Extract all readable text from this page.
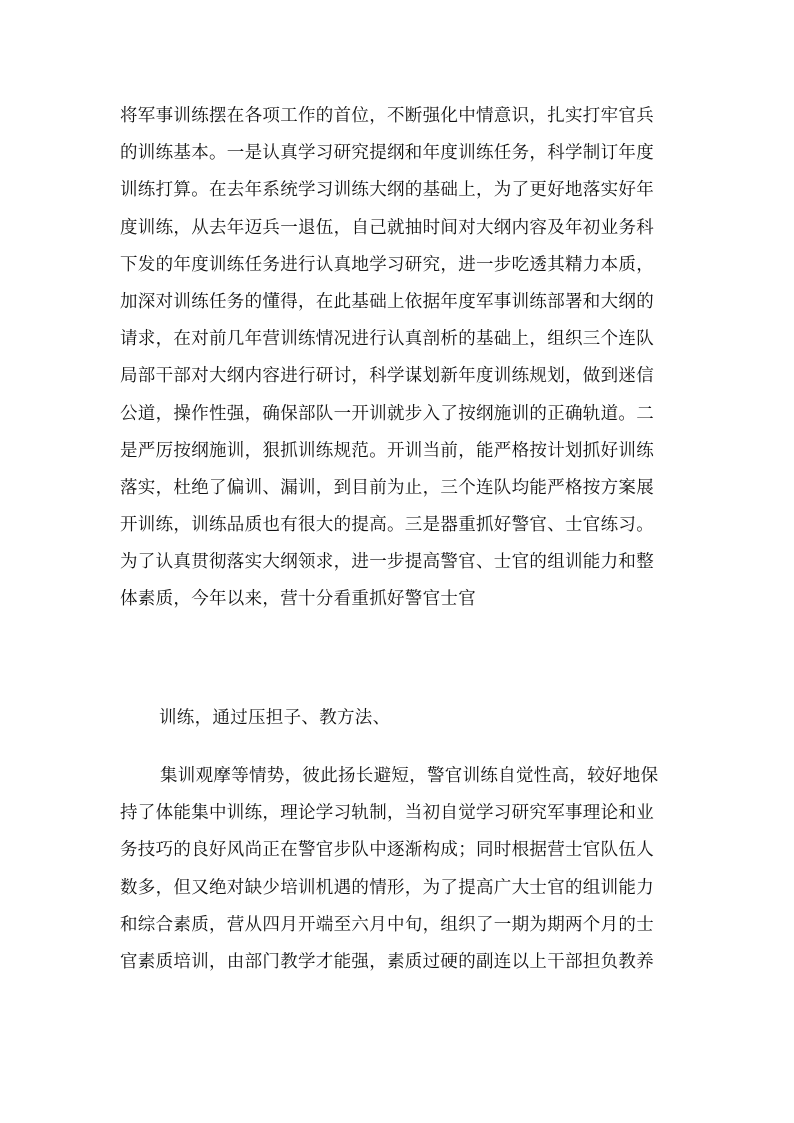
将军事训练摆在各项工作的首位，不断强化中情意识，扎实打牢官兵
的训练基本。一是认真学习研究提纲和年度训练任务，科学制订年度
训练打算。在去年系统学习训练大纲的基础上，为了更好地落实好年
度训练，从去年迈兵一退伍，自己就抽时间对大纲内容及年初业务科
下发的年度训练任务进行认真地学习研究，进一步吃透其精力本质，
加深对训练任务的懂得，在此基础上依据年度军事训练部署和大纲的
请求，在对前几年营训练情况进行认真剖析的基础上，组织三个连队
局部干部对大纲内容进行研讨，科学谋划新年度训练规划，做到迷信
公道，操作性强，确保部队一开训就步入了按纲施训的正确轨道。二
是严厉按纲施训，狠抓训练规范。开训当前，能严格按计划抓好训练
落实，杜绝了偏训、漏训，到目前为止，三个连队均能严格按方案展
开训练，训练品质也有很大的提高。三是器重抓好警官、士官练习。
为了认真贯彻落实大纲领求，进一步提高警官、士官的组训能力和整
体素质，今年以来，营十分看重抓好警官士官
训练，通过压担子、教方法、
集训观摩等情势，彼此扬长避短，警官训练自觉性高，较好地保
持了体能集中训练，理论学习轨制，当初自觉学习研究军事理论和业
务技巧的良好风尚正在警官步队中逐渐构成；同时根据营士官队伍人
数多，但又绝对缺少培训机遇的情形，为了提高广大士官的组训能力
和综合素质，营从四月开端至六月中旬，组织了一期为期两个月的士
官素质培训，由部门教学才能强，素质过硬的副连以上干部担负教养
